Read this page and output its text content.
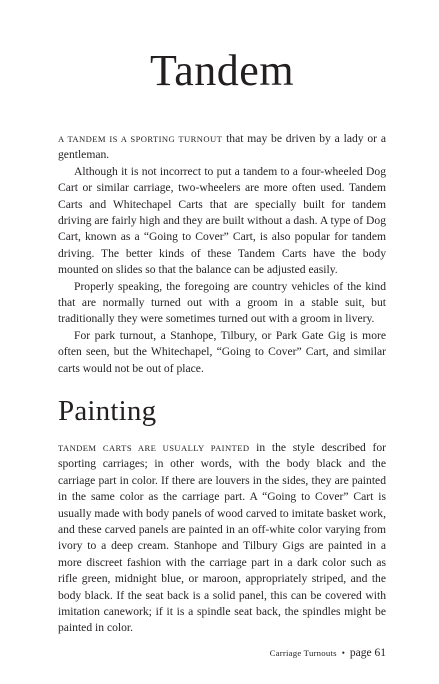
Tandem

A TANDEM IS A SPORTING TURNOUT that may be driven by a lady or a gentleman.

Although it is not incorrect to put a tandem to a four-wheeled Dog Cart or similar carriage, two-wheelers are more often used. Tandem Carts and Whitechapel Carts that are specially built for tandem driving are fairly high and they are built without a dash. A type of Dog Cart, known as a “Going to Cover” Cart, is also popular for tandem driving. The better kinds of these Tandem Carts have the body mounted on slides so that the balance can be adjusted easily.

Properly speaking, the foregoing are country vehicles of the kind that are normally turned out with a groom in a stable suit, but traditionally they were sometimes turned out with a groom in livery.

For park turnout, a Stanhope, Tilbury, or Park Gate Gig is more often seen, but the Whitechapel, “Going to Cover” Cart, and similar carts would not be out of place.

Painting

TANDEM CARTS ARE USUALLY PAINTED in the style described for sporting carriages; in other words, with the body black and the carriage part in color. If there are louvers in the sides, they are painted in the same color as the carriage part. A “Going to Cover” Cart is usually made with body panels of wood carved to imitate basket work, and these carved panels are painted in an off-white color varying from ivory to a deep cream. Stanhope and Tilbury Gigs are painted in a more discreet fashion with the carriage part in a dark color such as rifle green, midnight blue, or maroon, appropriately striped, and the body black. If the seat back is a solid panel, this can be covered with imitation canework; if it is a spindle seat back, the spindles might be painted in color.

Carriage Turnouts • page 61
